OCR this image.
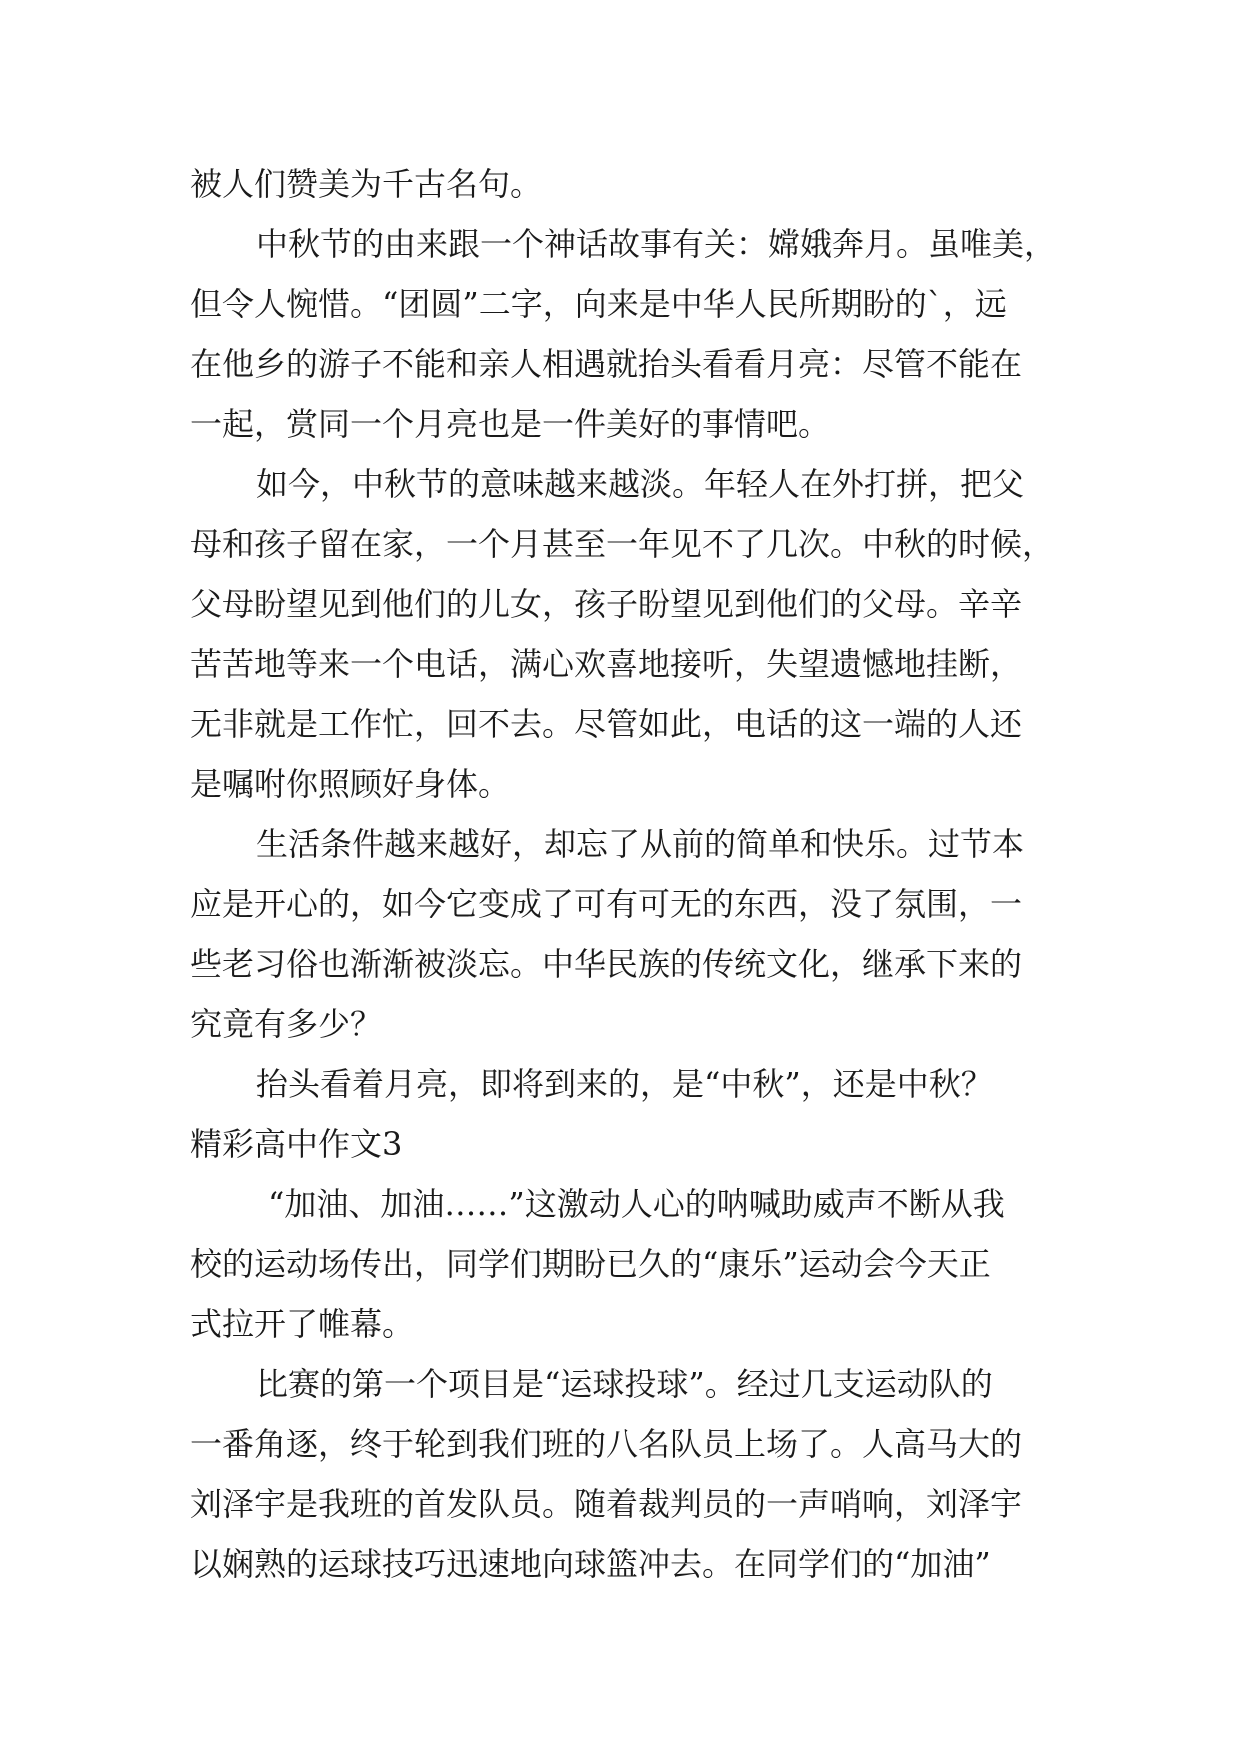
被人们赞美为千古名句。

中秋节的由来跟一个神话故事有关：嫦娥奔月。虽唯美，

但令人惋惜。“团圆”二字，向来是中华人民所期盼的`，远

在他乡的游子不能和亲人相遇就抬头看看月亮：尽管不能在

一起，赏同一个月亮也是一件美好的事情吧。

如今，中秋节的意味越来越淡。年轻人在外打拼，把父

母和孩子留在家，一个月甚至一年见不了几次。中秋的时候，

父母盼望见到他们的儿女，孩子盼望见到他们的父母。辛辛

苦苦地等来一个电话，满心欢喜地接听，失望遗憾地挂断，

无非就是工作忙，回不去。尽管如此，电话的这一端的人还

是嘱咐你照顾好身体。

生活条件越来越好，却忘了从前的简单和快乐。过节本

应是开心的，如今它变成了可有可无的东西，没了氛围，一

些老习俗也渐渐被淡忘。中华民族的传统文化，继承下来的

究竟有多少？

抬头看着月亮，即将到来的，是“中秋”，还是中秋？

精彩高中作文3

“加油、加油……”这激动人心的呐喊助威声不断从我

校的运动场传出，同学们期盼已久的“康乐”运动会今天正

式拉开了帷幕。

比赛的第一个项目是“运球投球”。经过几支运动队的

一番角逐，终于轮到我们班的八名队员上场了。人高马大的

刘泽宇是我班的首发队员。随着裁判员的一声哨响，刘泽宇

以娴熟的运球技巧迅速地向球篮冲去。在同学们的“加油”
